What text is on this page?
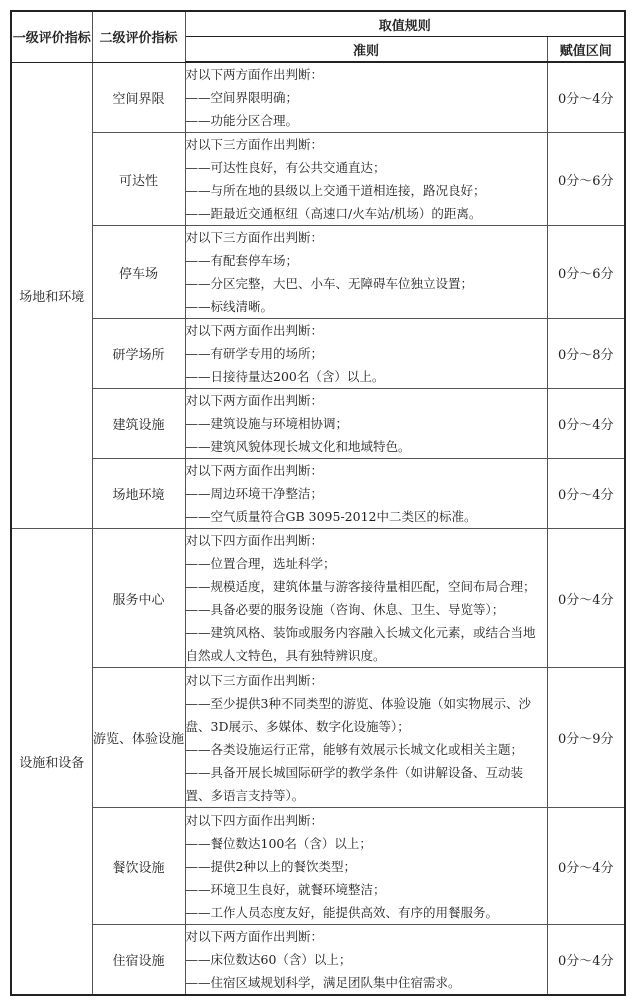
一级评价指标	二级评价指标	取值规则	
		准则	赋值区间
场地和环境	空间界限	对以下两方面作出判断：
——空间界限明确；
——功能分区合理。	0分～4分
	可达性	对以下三方面作出判断：
——可达性良好，有公共交通直达；
——与所在地的县级以上交通干道相连接，路况良好；
——距最近交通枢纽（高速口/火车站/机场）的距离。	0分～6分
	停车场	对以下三方面作出判断：
——有配套停车场；
——分区完整，大巴、小车、无障碍车位独立设置；
——标线清晰。	0分～6分
	研学场所	对以下两方面作出判断：
——有研学专用的场所；
——日接待量达200名（含）以上。	0分～8分
	建筑设施	对以下两方面作出判断：
——建筑设施与环境相协调；
——建筑风貌体现长城文化和地域特色。	0分～4分
	场地环境	对以下两方面作出判断：
——周边环境干净整洁；
——空气质量符合GB 3095-2012中二类区的标准。	0分～4分
设施和设备	服务中心	对以下四方面作出判断：
——位置合理，选址科学；
——规模适度，建筑体量与游客接待量相匹配，空间布局合理；
——具备必要的服务设施（咨询、休息、卫生、导览等）；
——建筑风格、装饰或服务内容融入长城文化元素，或结合当地自然或人文特色，具有独特辨识度。	0分～4分
	游览、体验设施	对以下三方面作出判断：
——至少提供3种不同类型的游览、体验设施（如实物展示、沙盘、3D展示、多媒体、数字化设施等）；
——各类设施运行正常，能够有效展示长城文化或相关主题；
——具备开展长城国际研学的教学条件（如讲解设备、互动装置、多语言支持等）。	0分～9分
	餐饮设施	对以下四方面作出判断：
——餐位数达100名（含）以上；
——提供2种以上的餐饮类型；
——环境卫生良好，就餐环境整洁；
——工作人员态度友好，能提供高效、有序的用餐服务。	0分～4分
	住宿设施	对以下两方面作出判断：
——床位数达60（含）以上；
——住宿区域规划科学，满足团队集中住宿需求。	0分～4分
